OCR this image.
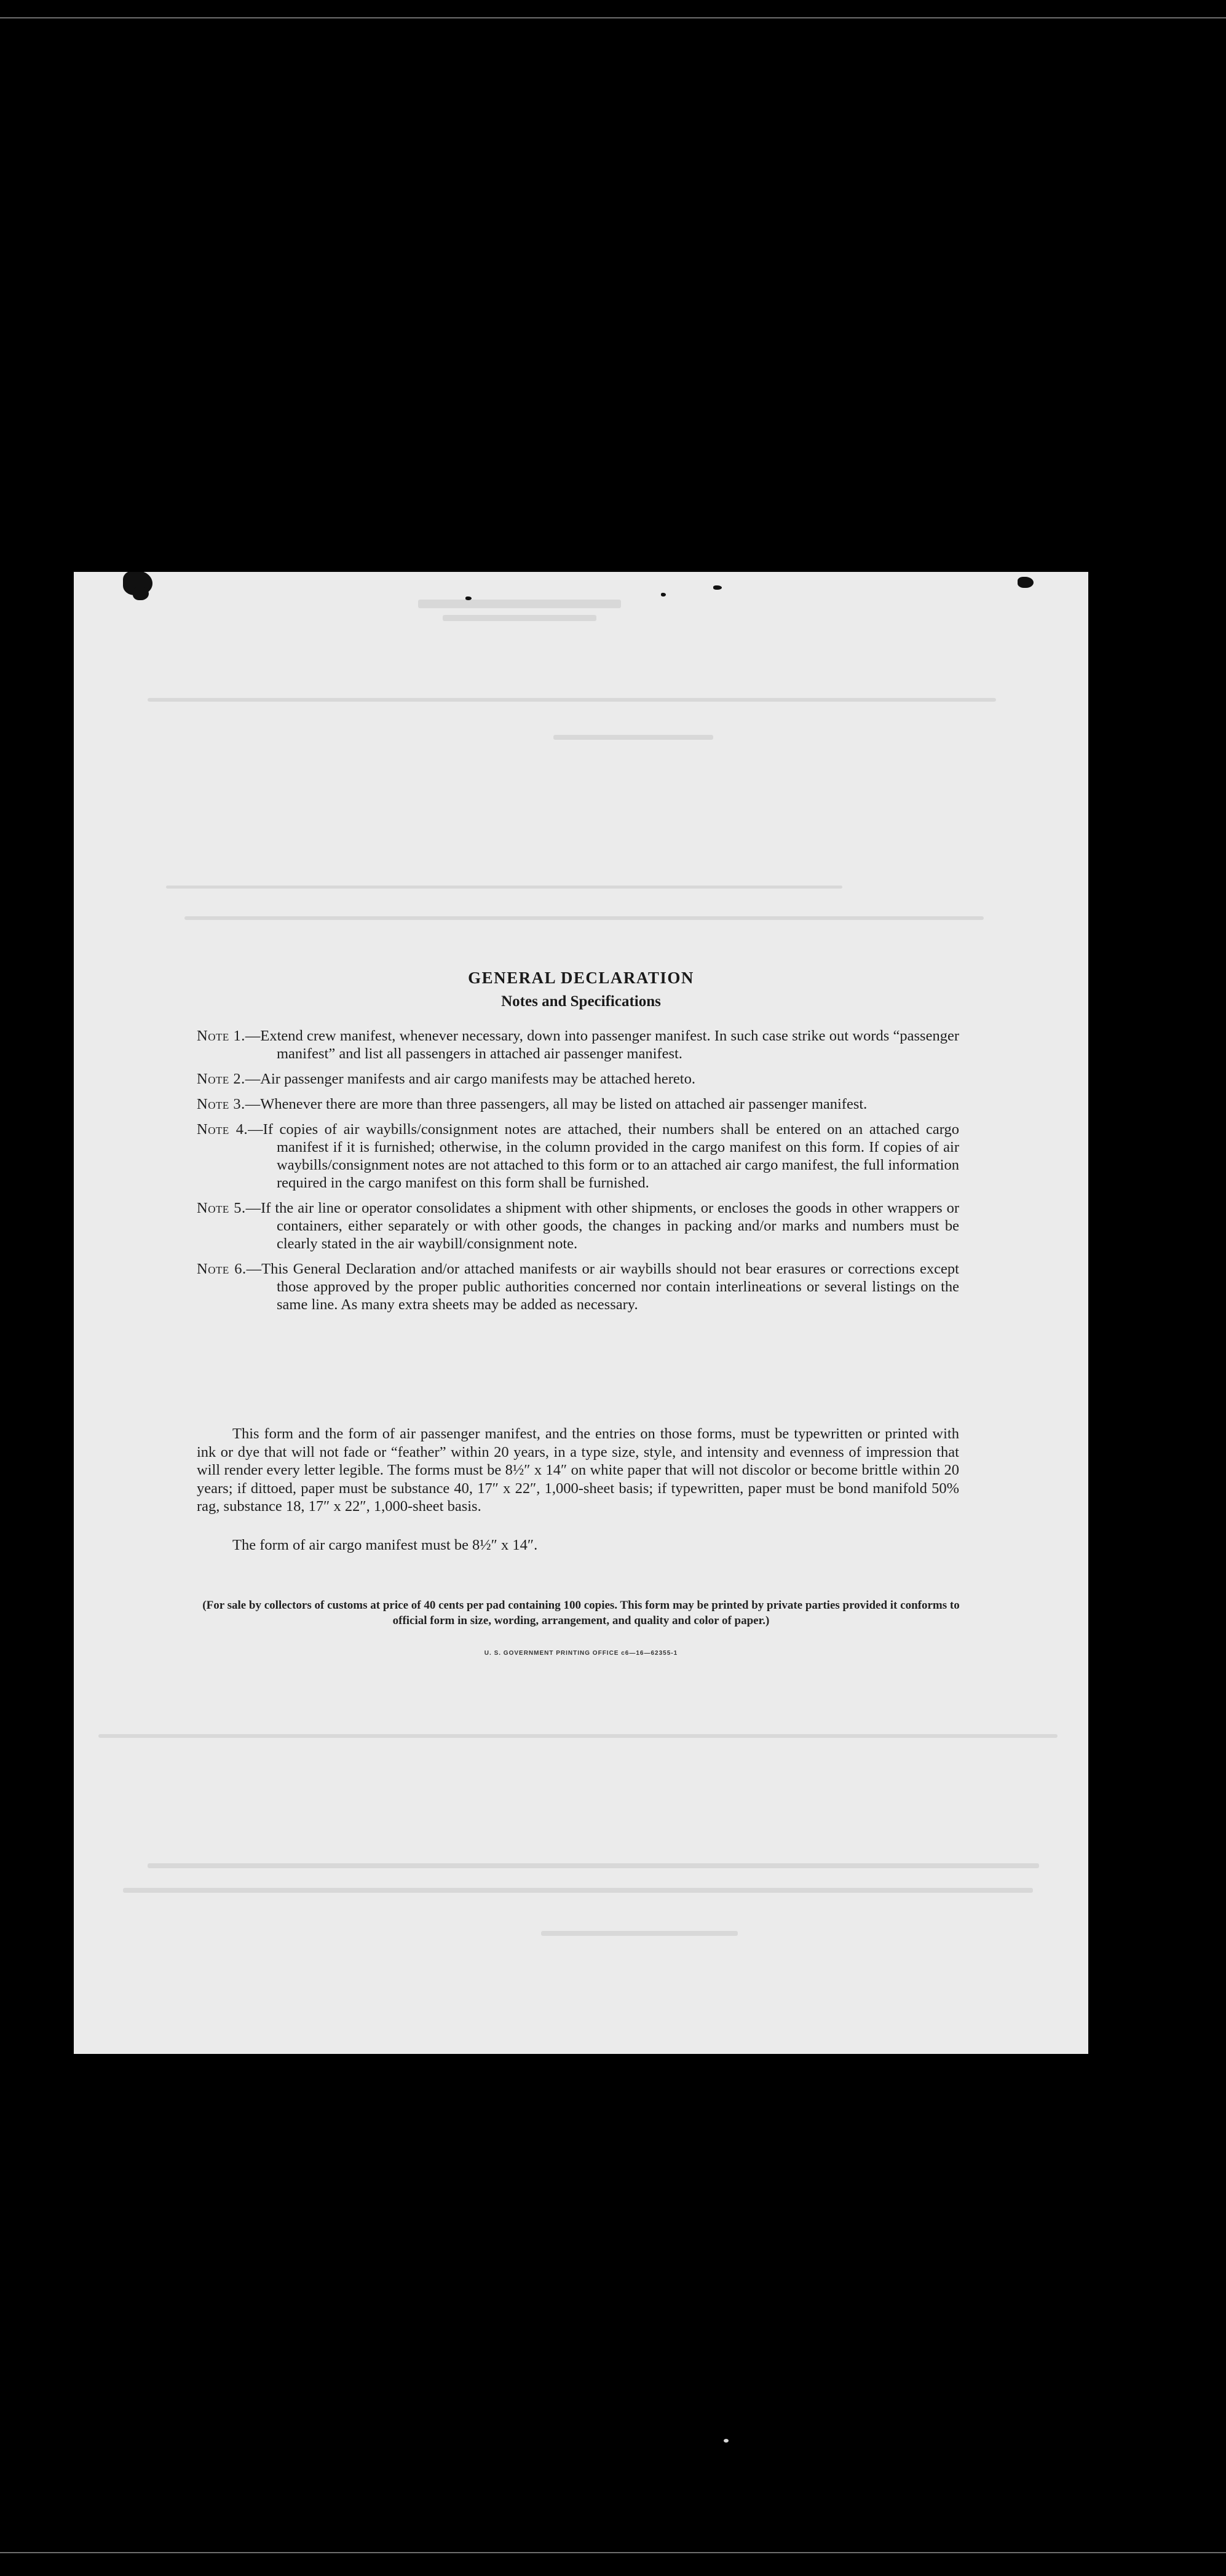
GENERAL DECLARATION
Notes and Specifications

Note 1.—Extend crew manifest, whenever necessary, down into passenger manifest. In such case strike out words “passenger manifest” and list all passengers in attached air passenger manifest.

Note 2.—Air passenger manifests and air cargo manifests may be attached hereto.

Note 3.—Whenever there are more than three passengers, all may be listed on attached air passenger manifest.

Note 4.—If copies of air waybills/consignment notes are attached, their numbers shall be entered on an attached cargo manifest if it is furnished; otherwise, in the column provided in the cargo manifest on this form. If copies of air waybills/consignment notes are not attached to this form or to an attached air cargo manifest, the full information required in the cargo manifest on this form shall be furnished.

Note 5.—If the air line or operator consolidates a shipment with other shipments, or encloses the goods in other wrappers or containers, either separately or with other goods, the changes in packing and/or marks and numbers must be clearly stated in the air waybill/consignment note.

Note 6.—This General Declaration and/or attached manifests or air waybills should not bear erasures or corrections except those approved by the proper public authorities concerned nor contain interlineations or several listings on the same line. As many extra sheets may be added as necessary.

This form and the form of air passenger manifest, and the entries on those forms, must be typewritten or printed with ink or dye that will not fade or “feather” within 20 years, in a type size, style, and intensity and evenness of impression that will render every letter legible. The forms must be 8½″ x 14″ on white paper that will not discolor or become brittle within 20 years; if dittoed, paper must be substance 40, 17″ x 22″, 1,000-sheet basis; if typewritten, paper must be bond manifold 50% rag, substance 18, 17″ x 22″, 1,000-sheet basis.

The form of air cargo manifest must be 8½″ x 14″.

(For sale by collectors of customs at price of 40 cents per pad containing 100 copies. This form may be printed by private parties provided it conforms to official form in size, wording, arrangement, and quality and color of paper.)

U. S. GOVERNMENT PRINTING OFFICE c6—16—62355-1
